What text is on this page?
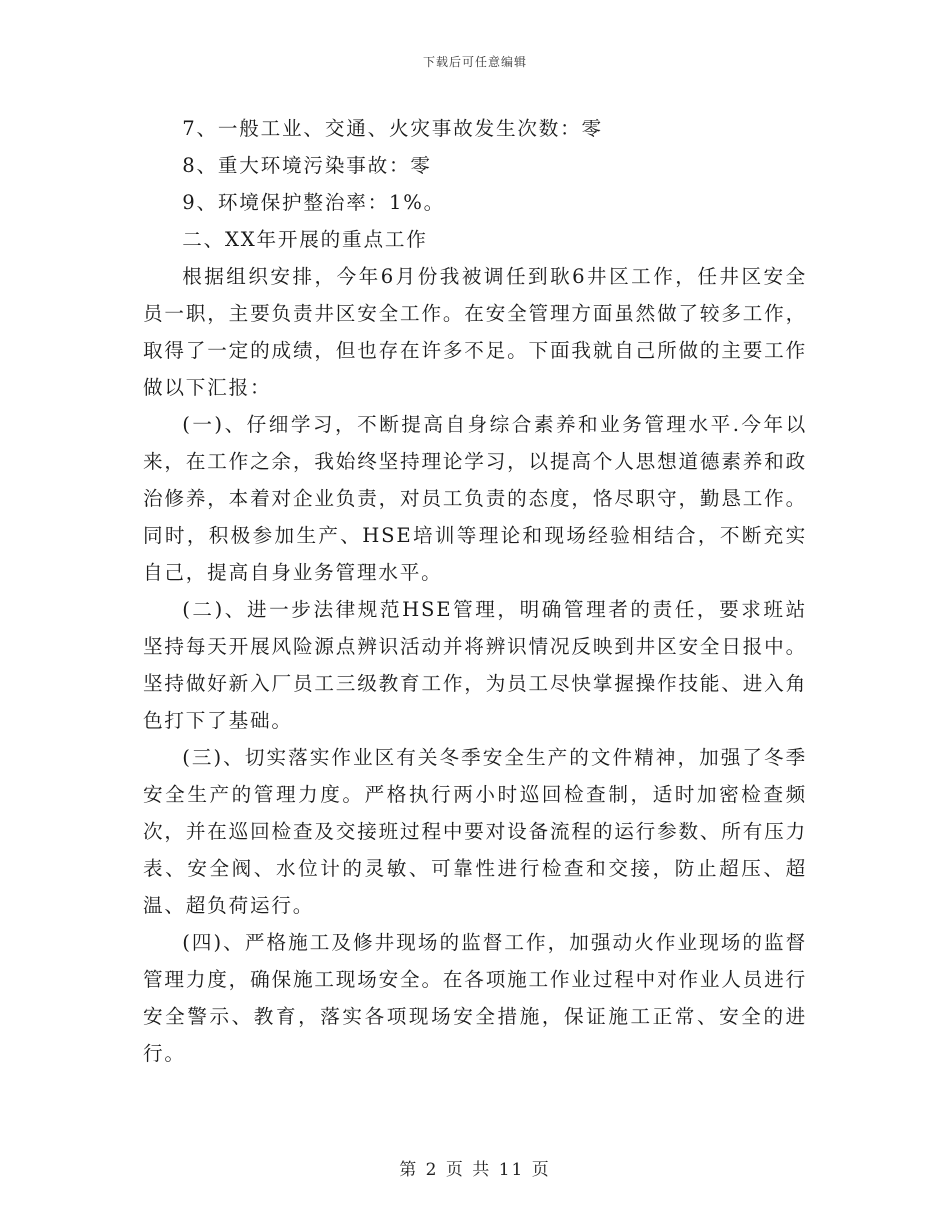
下载后可任意编辑

7、一般工业、交通、火灾事故发生次数：零

8、重大环境污染事故：零

9、环境保护整治率：1%。

二、XX年开展的重点工作

根据组织安排，今年6月份我被调任到耿6井区工作，任井区安全员一职，主要负责井区安全工作。在安全管理方面虽然做了较多工作，取得了一定的成绩，但也存在许多不足。下面我就自己所做的主要工作做以下汇报：

(一)、仔细学习，不断提高自身综合素养和业务管理水平.今年以来，在工作之余，我始终坚持理论学习，以提高个人思想道德素养和政治修养，本着对企业负责，对员工负责的态度，恪尽职守，勤恳工作。同时，积极参加生产、HSE培训等理论和现场经验相结合，不断充实自己，提高自身业务管理水平。

(二)、进一步法律规范HSE管理，明确管理者的责任，要求班站坚持每天开展风险源点辨识活动并将辨识情况反映到井区安全日报中。坚持做好新入厂员工三级教育工作，为员工尽快掌握操作技能、进入角色打下了基础。

(三)、切实落实作业区有关冬季安全生产的文件精神，加强了冬季安全生产的管理力度。严格执行两小时巡回检查制，适时加密检查频次，并在巡回检查及交接班过程中要对设备流程的运行参数、所有压力表、安全阀、水位计的灵敏、可靠性进行检查和交接，防止超压、超温、超负荷运行。

(四)、严格施工及修井现场的监督工作，加强动火作业现场的监督管理力度，确保施工现场安全。在各项施工作业过程中对作业人员进行安全警示、教育，落实各项现场安全措施，保证施工正常、安全的进行。

第 2 页 共 11 页
